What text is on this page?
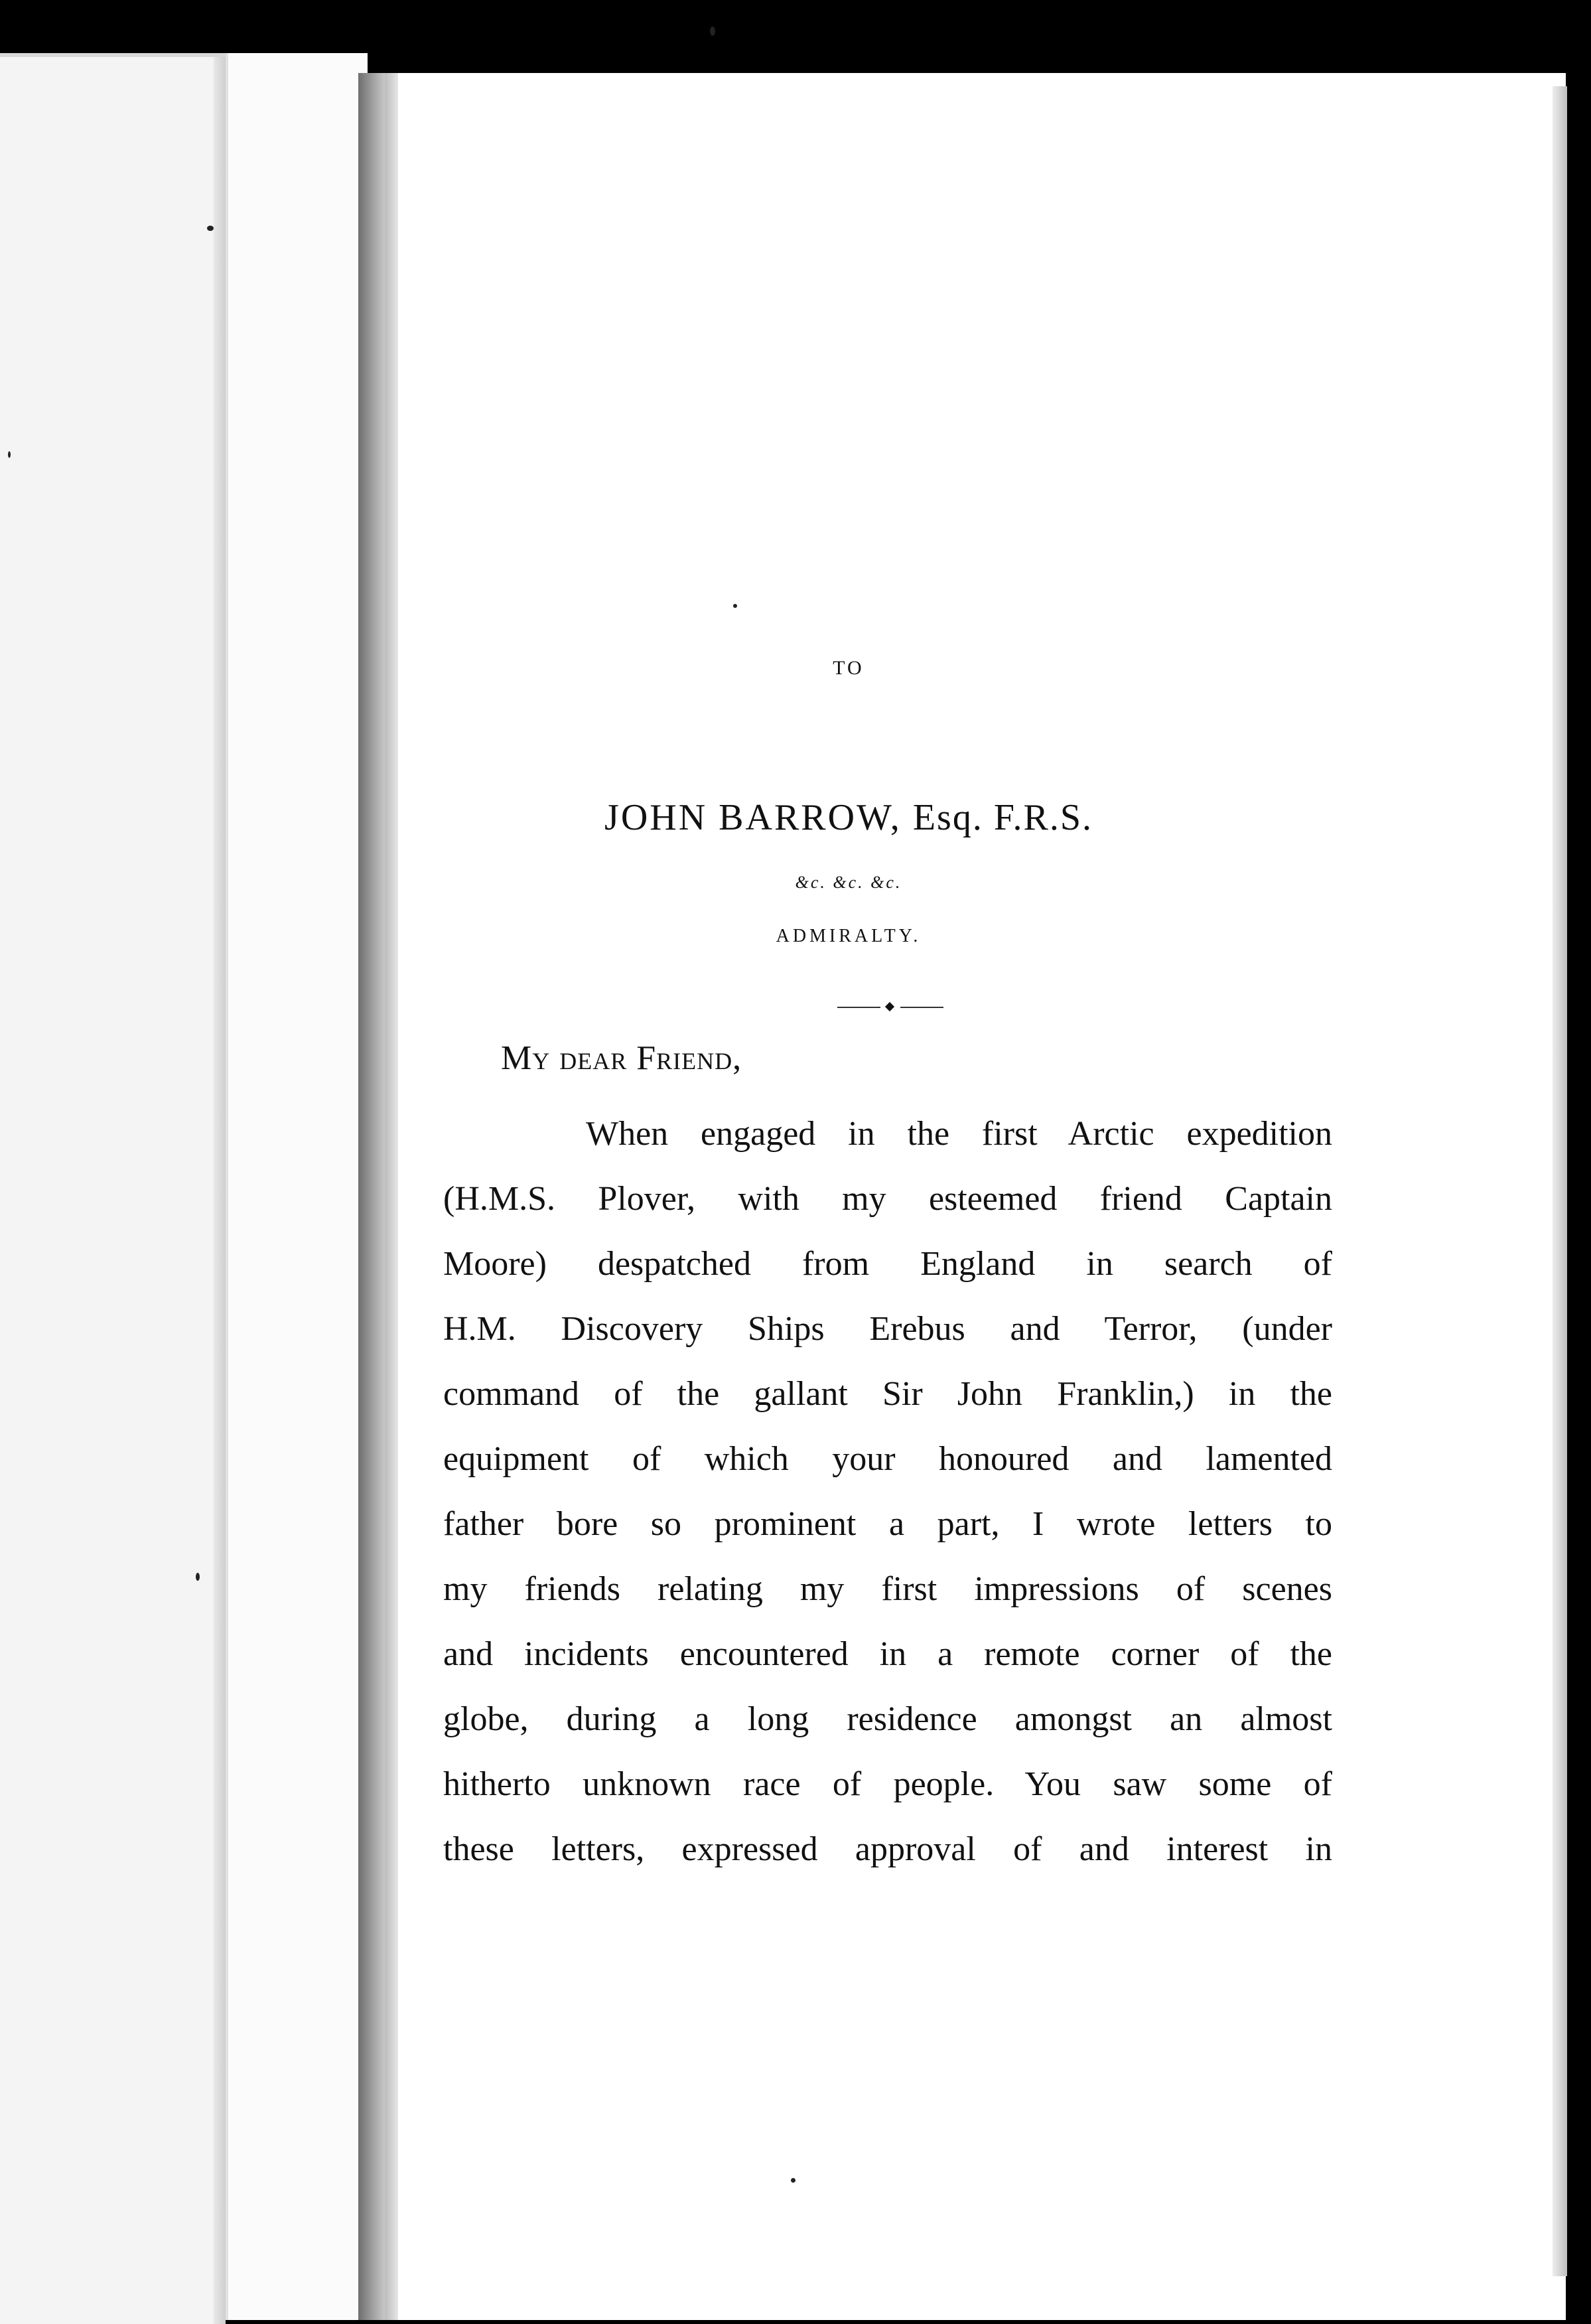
TO

JOHN BARROW, Esq. F.R.S.

&c. &c. &c.

ADMIRALTY.

My dear Friend,

When engaged in the first Arctic expedition
(H.M.S. Plover, with my esteemed friend Captain
Moore) despatched from England in search of
H.M. Discovery Ships Erebus and Terror, (under
command of the gallant Sir John Franklin,) in the
equipment of which your honoured and lamented
father bore so prominent a part, I wrote letters to
my friends relating my first impressions of scenes
and incidents encountered in a remote corner of the
globe, during a long residence amongst an almost
hitherto unknown race of people. You saw some of
these letters, expressed approval of and interest in
